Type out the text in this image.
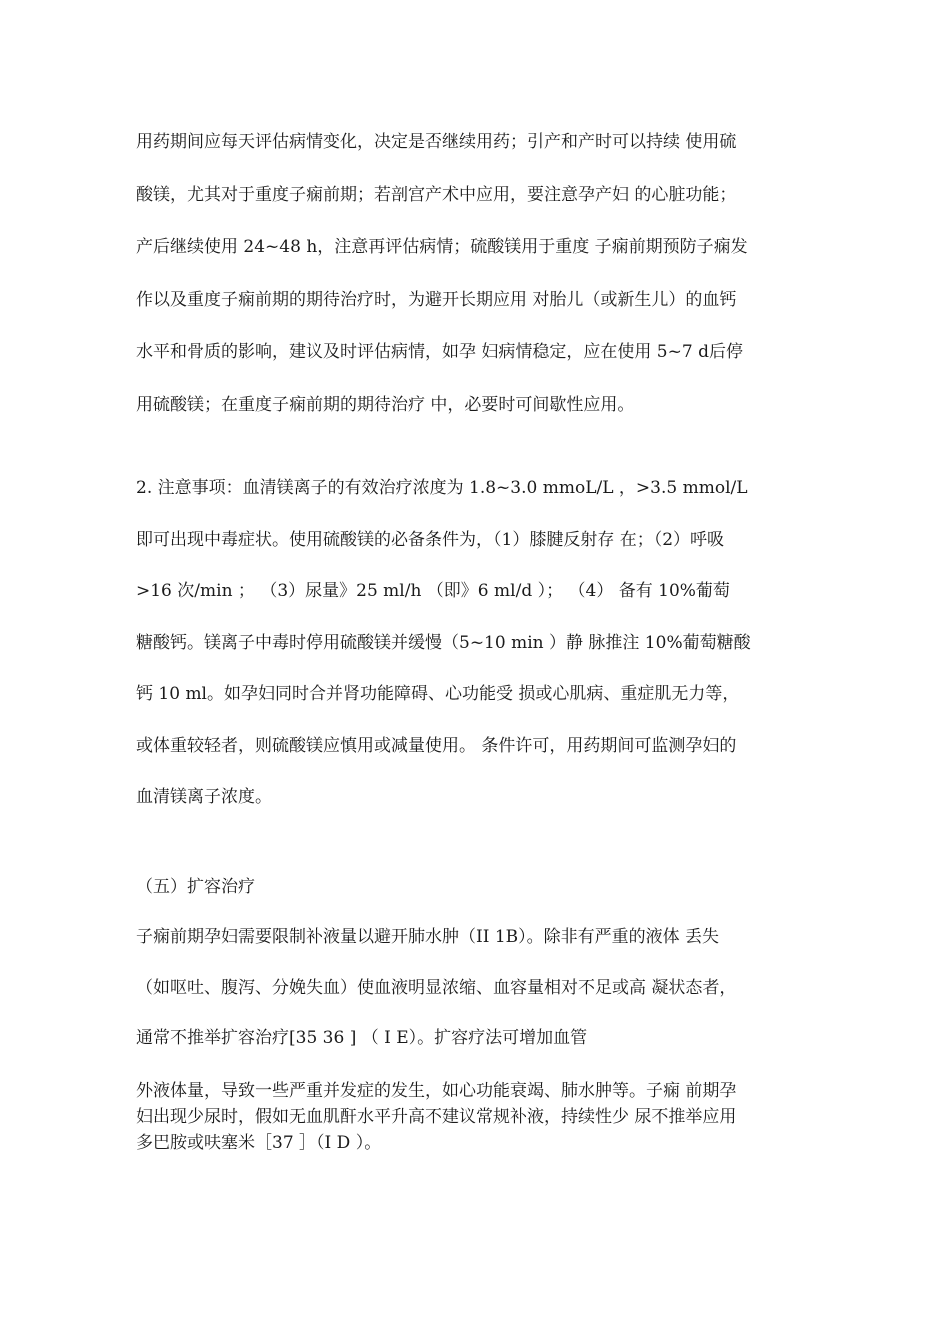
用药期间应每天评估病情变化，决定是否继续用药；引产和产时可以持续 使用硫
酸镁，尤其对于重度子痫前期；若剖宫产术中应用，要注意孕产妇 的心脏功能；
产后继续使用 24~48 h，注意再评估病情；硫酸镁用于重度 子痫前期预防子痫发
作以及重度子痫前期的期待治疗时，为避开长期应用 对胎儿（或新生儿）的血钙
水平和骨质的影响，建议及时评估病情，如孕 妇病情稳定，应在使用 5~7 d后停
用硫酸镁；在重度子痫前期的期待治疗 中，必要时可间歇性应用。
2. 注意事项：血清镁离子的有效治疗浓度为 1.8~3.0 mmoL/L ，>3.5 mmol/L
即可出现中毒症状。使用硫酸镁的必备条件为，（1）膝腱反射存 在；（2）呼吸
>16 次/min ； （3）尿量》25 ml/h （即》6 ml/d ）； （4） 备有 10%葡萄
糖酸钙。镁离子中毒时停用硫酸镁并缓慢（5~10 min ）静 脉推注 10%葡萄糖酸
钙 10 ml。如孕妇同时合并肾功能障碍、心功能受 损或心肌病、重症肌无力等，
或体重较轻者，则硫酸镁应慎用或减量使用。 条件许可，用药期间可监测孕妇的
血清镁离子浓度。
（五）扩容治疗
子痫前期孕妇需要限制补液量以避开肺水肿（II 1B）。除非有严重的液体 丢失
（如呕吐、腹泻、分娩失血）使血液明显浓缩、血容量相对不足或高 凝状态者，
通常不推举扩容治疗[35 36 ] （ I E）。扩容疗法可增加血管
外液体量，导致一些严重并发症的发生，如心功能衰竭、肺水肿等。子痫 前期孕
妇出现少尿时，假如无血肌酐水平升高不建议常规补液，持续性少 尿不推举应用
多巴胺或呋塞米［37 ］（I D ）。
